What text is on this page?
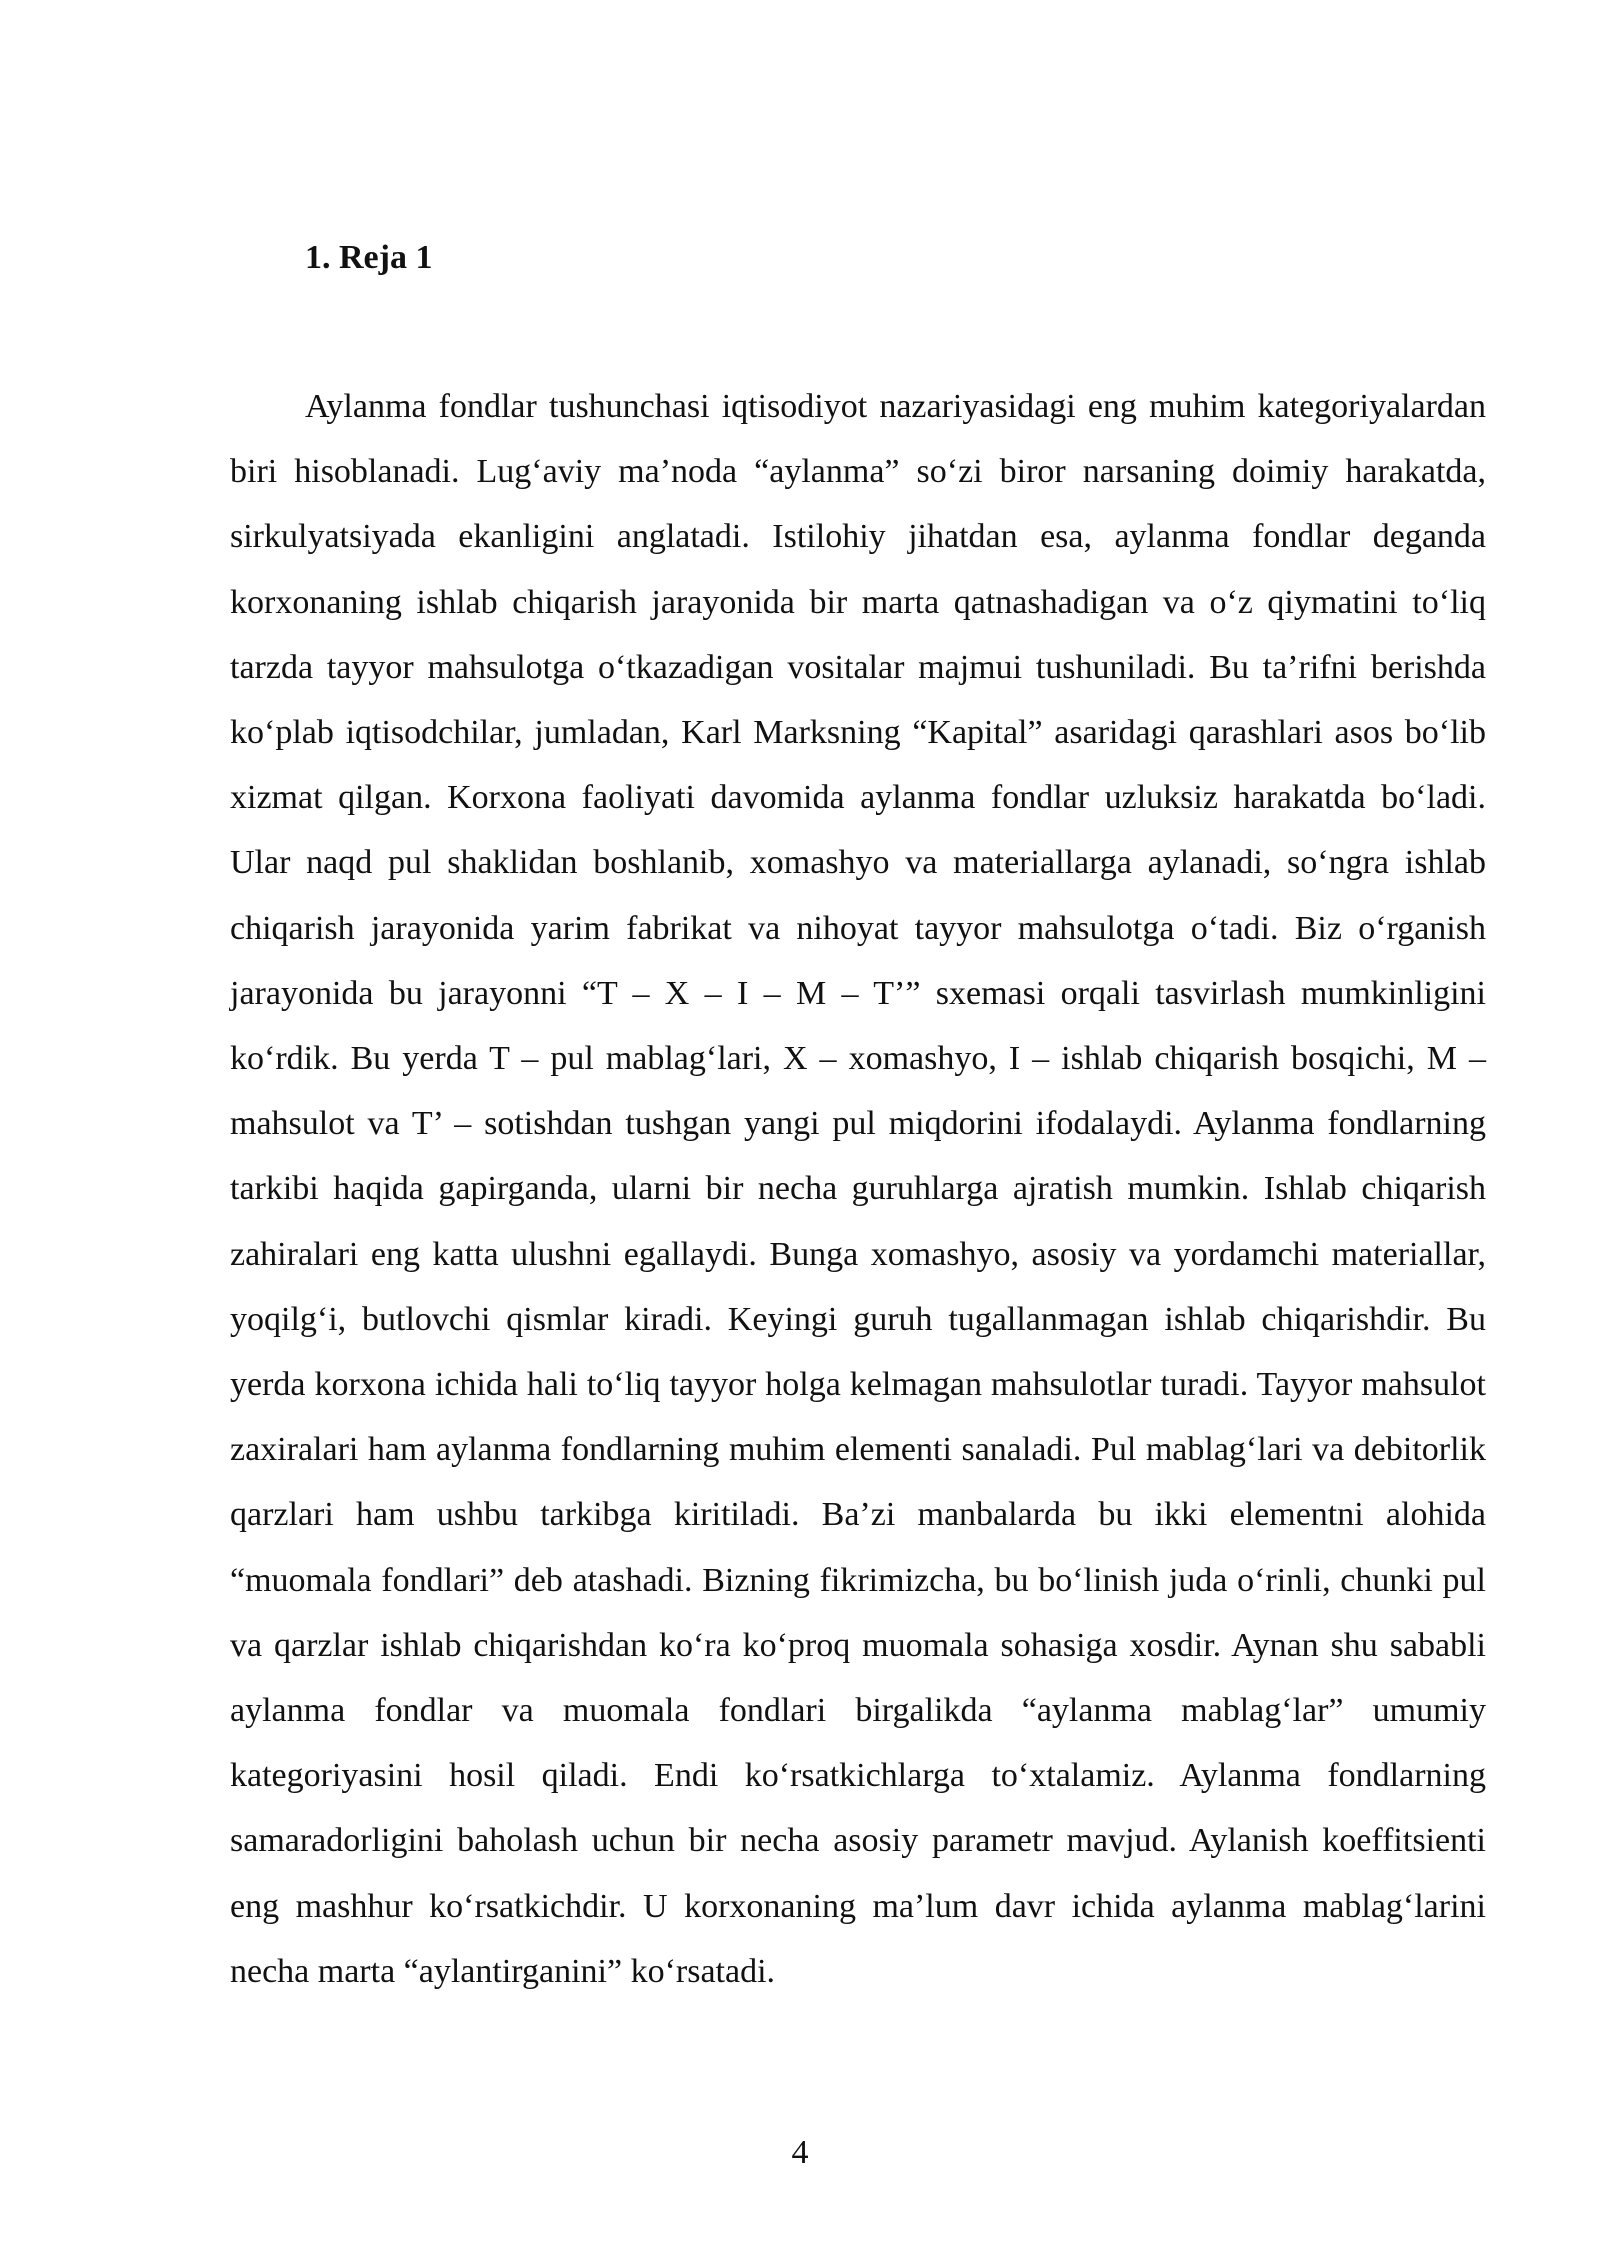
1. Reja 1

Aylanma fondlar tushunchasi iqtisodiyot nazariyasidagi eng muhim kategoriyalardan biri hisoblanadi. Lug‘aviy ma’noda “aylanma” so‘zi biror narsaning doimiy harakatda, sirkulyatsiyada ekanligini anglatadi. Istilohiy jihatdan esa, aylanma fondlar deganda korxonaning ishlab chiqarish jarayonida bir marta qatnashadigan va o‘z qiymatini to‘liq tarzda tayyor mahsulotga o‘tkazadigan vositalar majmui tushuniladi. Bu ta’rifni berishda ko‘plab iqtisodchilar, jumladan, Karl Marksning “Kapital” asaridagi qarashlari asos bo‘lib xizmat qilgan. Korxona faoliyati davomida aylanma fondlar uzluksiz harakatda bo‘ladi. Ular naqd pul shaklidan boshlanib, xomashyo va materiallarga aylanadi, so‘ngra ishlab chiqarish jarayonida yarim fabrikat va nihoyat tayyor mahsulotga o‘tadi. Biz o‘rganish jarayonida bu jarayonni “T – X – I – M – T’” sxemasi orqali tasvirlash mumkinligini ko‘rdik. Bu yerda T – pul mablag‘lari, X – xomashyo, I – ishlab chiqarish bosqichi, M – mahsulot va T’ – sotishdan tushgan yangi pul miqdorini ifodalaydi. Aylanma fondlarning tarkibi haqida gapirganda, ularni bir necha guruhlarga ajratish mumkin. Ishlab chiqarish zahiralari eng katta ulushni egallaydi. Bunga xomashyo, asosiy va yordamchi materiallar, yoqilg‘i, butlovchi qismlar kiradi. Keyingi guruh tugallanmagan ishlab chiqarishdir. Bu yerda korxona ichida hali to‘liq tayyor holga kelmagan mahsulotlar turadi. Tayyor mahsulot zaxiralari ham aylanma fondlarning muhim elementi sanaladi. Pul mablag‘lari va debitorlik qarzlari ham ushbu tarkibga kiritiladi. Ba’zi manbalarda bu ikki elementni alohida “muomala fondlari” deb atashadi. Bizning fikrimizcha, bu bo‘linish juda o‘rinli, chunki pul va qarzlar ishlab chiqarishdan ko‘ra ko‘proq muomala sohasiga xosdir. Aynan shu sababli aylanma fondlar va muomala fondlari birgalikda “aylanma mablag‘lar” umumiy kategoriyasini hosil qiladi. Endi ko‘rsatkichlarga to‘xtalamiz. Aylanma fondlarning samaradorligini baholash uchun bir necha asosiy parametr mavjud. Aylanish koeffitsienti eng mashhur ko‘rsatkichdir. U korxonaning ma’lum davr ichida aylanma mablag‘larini necha marta “aylantirganini” ko‘rsatadi.

4
